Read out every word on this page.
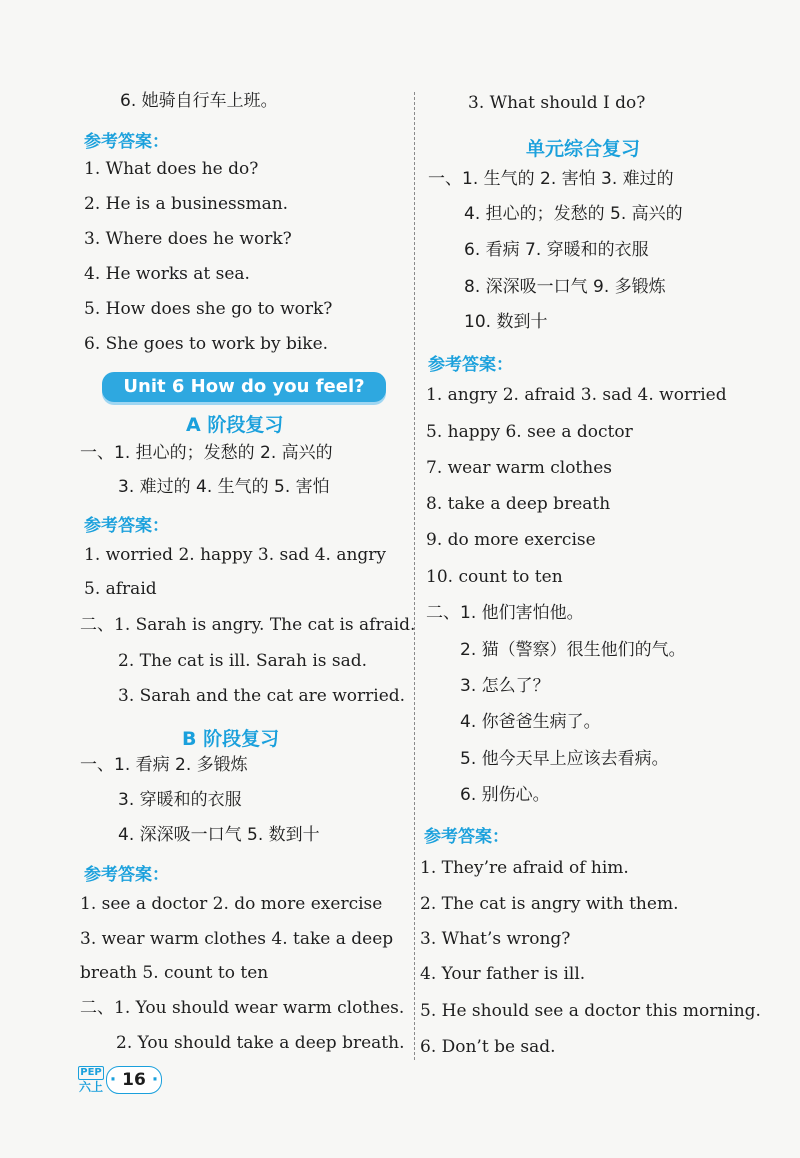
6. 她骑自行车上班。
参考答案：
1. What does he do?
2. He is a businessman.
3. Where does he work?
4. He works at sea.
5. How does she go to work?
6. She goes to work by bike.
Unit 6 How do you feel?
A 阶段复习
一、1. 担心的；发愁的 2. 高兴的
3. 难过的 4. 生气的 5. 害怕
参考答案：
1. worried 2. happy 3. sad 4. angry
5. afraid
二、1. Sarah is angry. The cat is afraid.
2. The cat is ill. Sarah is sad.
3. Sarah and the cat are worried.
B 阶段复习
一、1. 看病 2. 多锻炼
3. 穿暖和的衣服
4. 深深吸一口气 5. 数到十
参考答案：
1. see a doctor 2. do more exercise
3. wear warm clothes 4. take a deep
breath 5. count to ten
二、1. You should wear warm clothes.
2. You should take a deep breath.
3. What should I do?
单元综合复习
一、1. 生气的 2. 害怕 3. 难过的
4. 担心的；发愁的 5. 高兴的
6. 看病 7. 穿暖和的衣服
8. 深深吸一口气 9. 多锻炼
10. 数到十
参考答案：
1. angry 2. afraid 3. sad 4. worried
5. happy 6. see a doctor
7. wear warm clothes
8. take a deep breath
9. do more exercise
10. count to ten
二、1. 他们害怕他。
2. 猫（警察）很生他们的气。
3. 怎么了？
4. 你爸爸生病了。
5. 他今天早上应该去看病。
6. 别伤心。
参考答案：
1. They’re afraid of him.
2. The cat is angry with them.
3. What’s wrong?
4. Your father is ill.
5. He should see a doctor this morning.
6. Don’t be sad.
PEP
六上 · 16 ·
